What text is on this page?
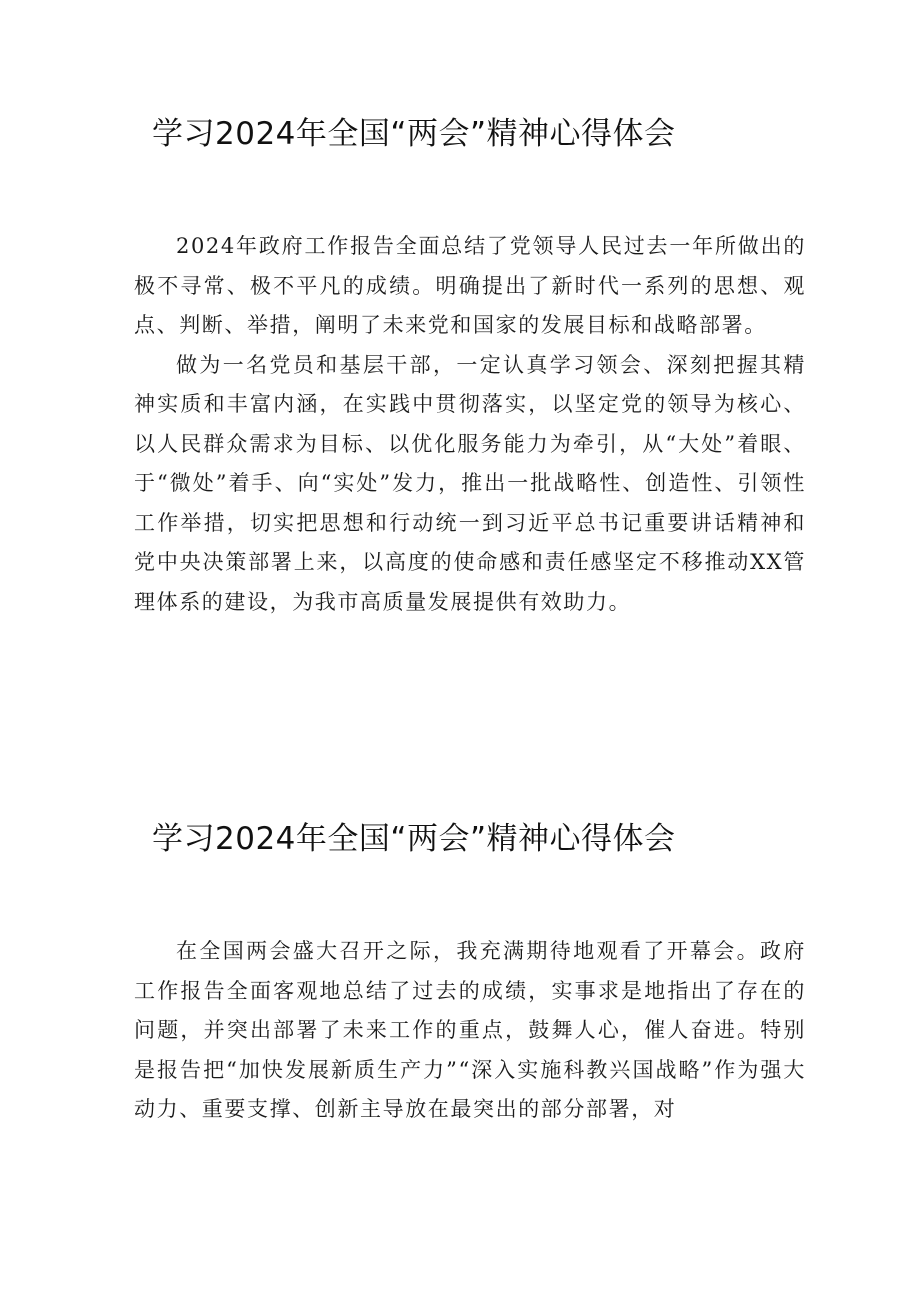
学习2024年全国“两会”精神心得体会

2024年政府工作报告全面总结了党领导人民过去一年所做出的极不寻常、极不平凡的成绩。明确提出了新时代一系列的思想、观点、判断、举措，阐明了未来党和国家的发展目标和战略部署。

做为一名党员和基层干部，一定认真学习领会、深刻把握其精神实质和丰富内涵，在实践中贯彻落实，以坚定党的领导为核心、以人民群众需求为目标、以优化服务能力为牵引，从“大处”着眼、于“微处”着手、向“实处”发力，推出一批战略性、创造性、引领性工作举措，切实把思想和行动统一到习近平总书记重要讲话精神和党中央决策部署上来，以高度的使命感和责任感坚定不移推动XX管理体系的建设，为我市高质量发展提供有效助力。

学习2024年全国“两会”精神心得体会

在全国两会盛大召开之际，我充满期待地观看了开幕会。政府工作报告全面客观地总结了过去的成绩，实事求是地指出了存在的问题，并突出部署了未来工作的重点，鼓舞人心，催人奋进。特别是报告把“加快发展新质生产力”“深入实施科教兴国战略”作为强大动力、重要支撑、创新主导放在最突出的部分部署，对
